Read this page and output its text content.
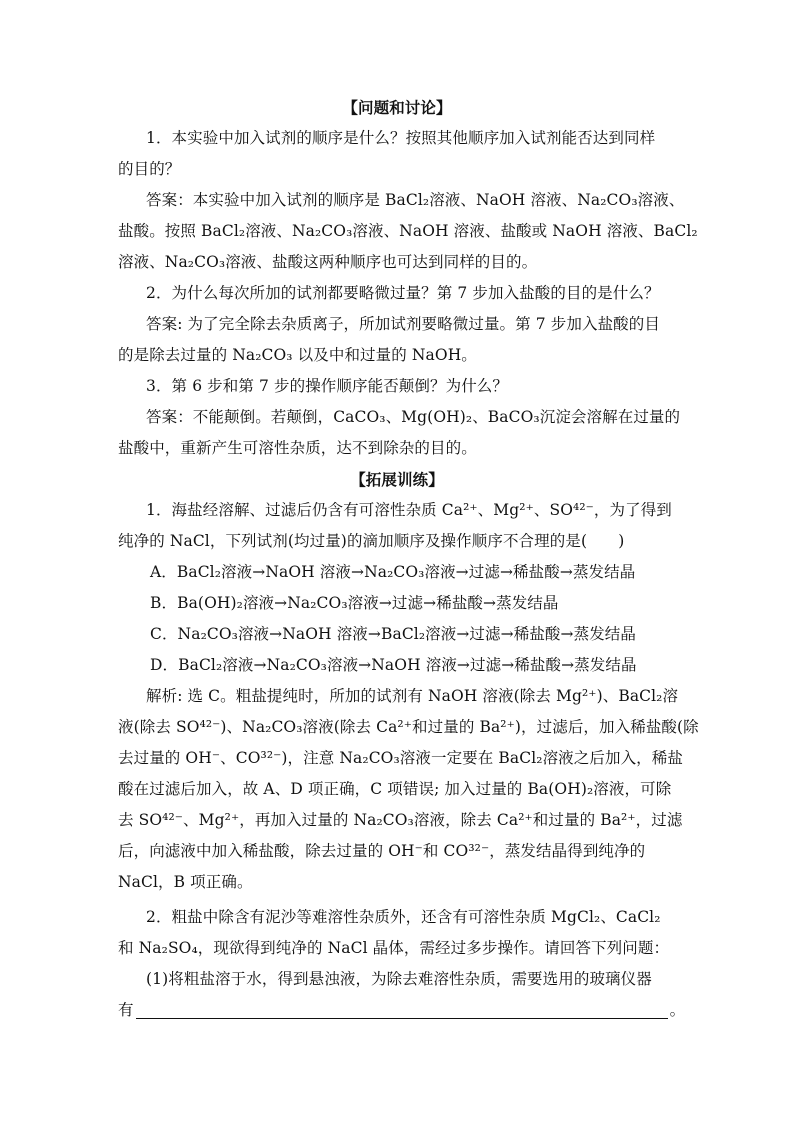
【问题和讨论】
1．本实验中加入试剂的顺序是什么？按照其他顺序加入试剂能否达到同样
的目的？
答案：本实验中加入试剂的顺序是 BaCl₂溶液、NaOH 溶液、Na₂CO₃溶液、
盐酸。按照 BaCl₂溶液、Na₂CO₃溶液、NaOH 溶液、盐酸或 NaOH 溶液、BaCl₂
溶液、Na₂CO₃溶液、盐酸这两种顺序也可达到同样的目的。
2．为什么每次所加的试剂都要略微过量？第 7 步加入盐酸的目的是什么？
答案: 为了完全除去杂质离子，所加试剂要略微过量。第 7 步加入盐酸的目
的是除去过量的 Na₂CO₃ 以及中和过量的 NaOH。
3．第 6 步和第 7 步的操作顺序能否颠倒？为什么？
答案：不能颠倒。若颠倒，CaCO₃、Mg(OH)₂、BaCO₃沉淀会溶解在过量的
盐酸中，重新产生可溶性杂质，达不到除杂的目的。
【拓展训练】
1．海盐经溶解、过滤后仍含有可溶性杂质 Ca²⁺、Mg²⁺、SO⁴²⁻，为了得到
纯净的 NaCl，下列试剂(均过量)的滴加顺序及操作顺序不合理的是(　　)
A．BaCl₂溶液→NaOH 溶液→Na₂CO₃溶液→过滤→稀盐酸→蒸发结晶
B．Ba(OH)₂溶液→Na₂CO₃溶液→过滤→稀盐酸→蒸发结晶
C．Na₂CO₃溶液→NaOH 溶液→BaCl₂溶液→过滤→稀盐酸→蒸发结晶
D．BaCl₂溶液→Na₂CO₃溶液→NaOH 溶液→过滤→稀盐酸→蒸发结晶
解析: 选 C。粗盐提纯时，所加的试剂有 NaOH 溶液(除去 Mg²⁺)、BaCl₂溶
液(除去 SO⁴²⁻)、Na₂CO₃溶液(除去 Ca²⁺和过量的 Ba²⁺)，过滤后，加入稀盐酸(除
去过量的 OH⁻、CO³²⁻)，注意 Na₂CO₃溶液一定要在 BaCl₂溶液之后加入，稀盐
酸在过滤后加入，故 A、D 项正确，C 项错误; 加入过量的 Ba(OH)₂溶液，可除
去 SO⁴²⁻、Mg²⁺，再加入过量的 Na₂CO₃溶液，除去 Ca²⁺和过量的 Ba²⁺，过滤
后，向滤液中加入稀盐酸，除去过量的 OH⁻和 CO³²⁻，蒸发结晶得到纯净的
NaCl，B 项正确。
2．粗盐中除含有泥沙等难溶性杂质外，还含有可溶性杂质 MgCl₂、CaCl₂
和 Na₂SO₄，现欲得到纯净的 NaCl 晶体，需经过多步操作。请回答下列问题：
(1)将粗盐溶于水，得到悬浊液，为除去难溶性杂质，需要选用的玻璃仪器
有	。
